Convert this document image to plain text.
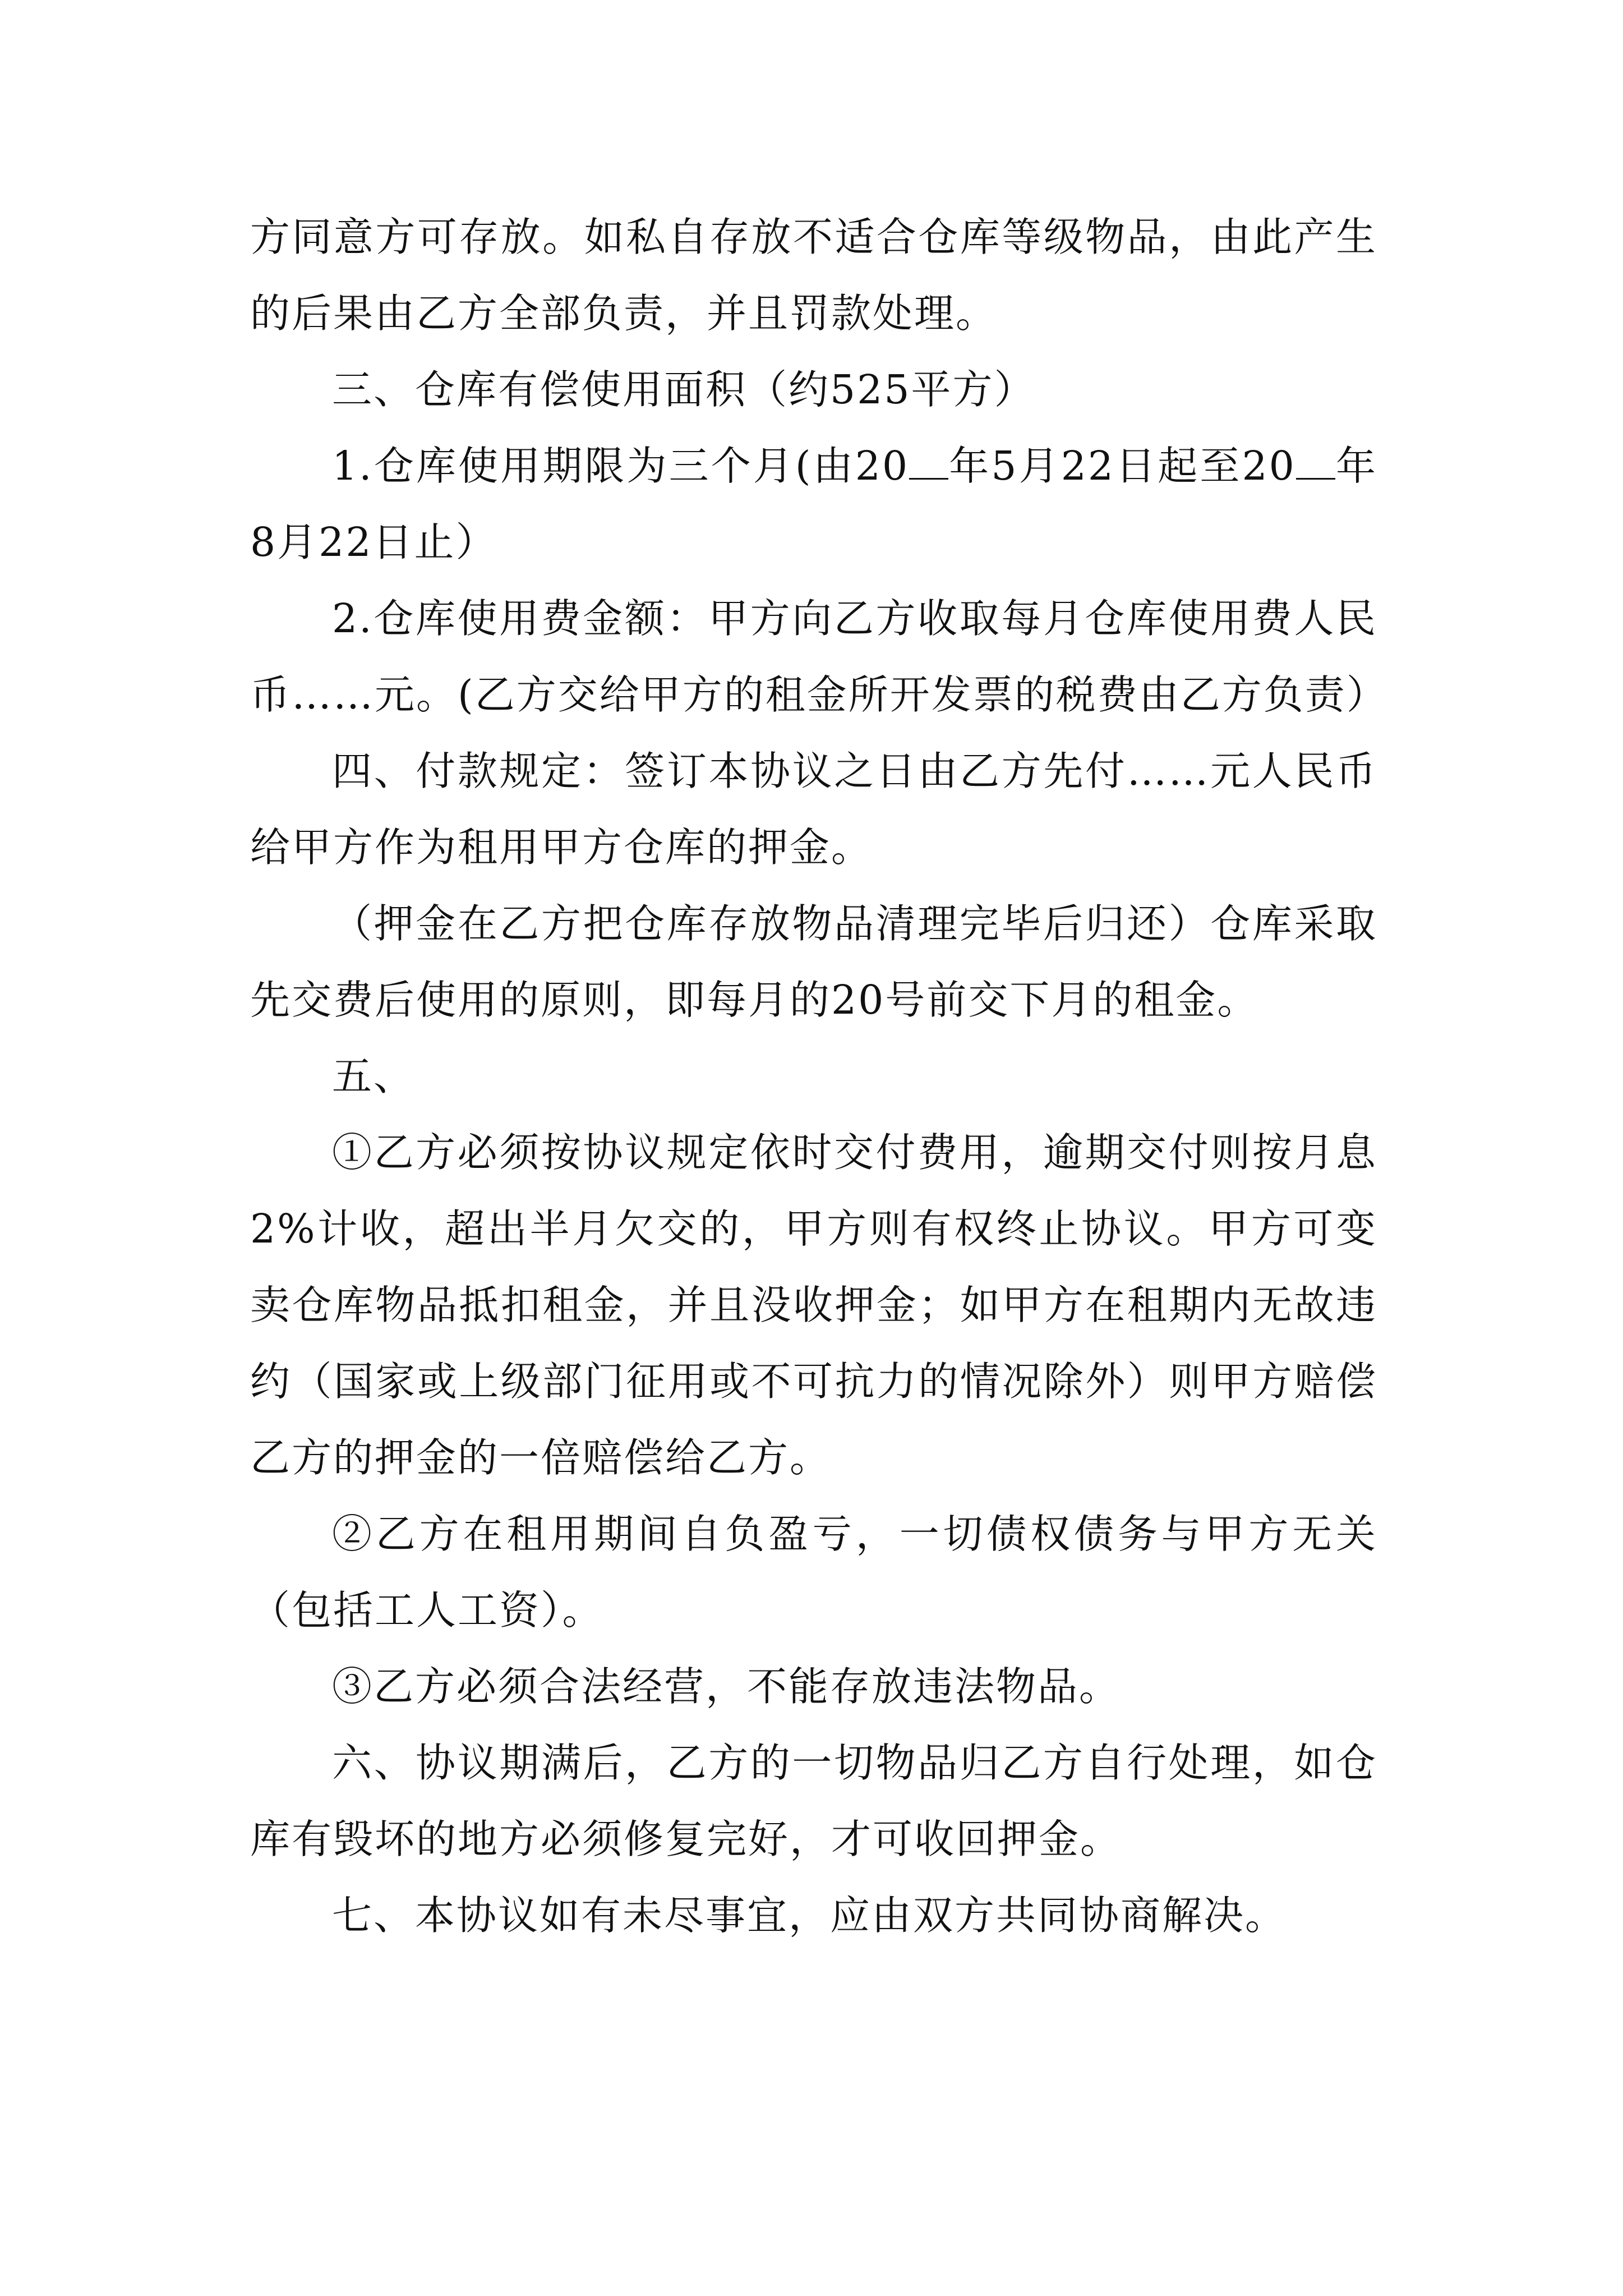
方同意方可存放。如私自存放不适合仓库等级物品，由此产生的后果由乙方全部负责，并且罚款处理。

三、仓库有偿使用面积（约525平方）

1.仓库使用期限为三个月(由20 年5月22日起至20 年8月22日止）

2.仓库使用费金额：甲方向乙方收取每月仓库使用费人民币……元。(乙方交给甲方的租金所开发票的税费由乙方负责）

四、付款规定：签订本协议之日由乙方先付……元人民币给甲方作为租用甲方仓库的押金。

（押金在乙方把仓库存放物品清理完毕后归还）仓库采取先交费后使用的原则，即每月的20号前交下月的租金。

五、

①乙方必须按协议规定依时交付费用，逾期交付则按月息2%计收，超出半月欠交的，甲方则有权终止协议。甲方可变卖仓库物品抵扣租金，并且没收押金；如甲方在租期内无故违约（国家或上级部门征用或不可抗力的情况除外）则甲方赔偿乙方的押金的一倍赔偿给乙方。

②乙方在租用期间自负盈亏，一切债权债务与甲方无关（包括工人工资）。

③乙方必须合法经营，不能存放违法物品。

六、协议期满后，乙方的一切物品归乙方自行处理，如仓库有毁坏的地方必须修复完好，才可收回押金。

七、本协议如有未尽事宜，应由双方共同协商解决。
